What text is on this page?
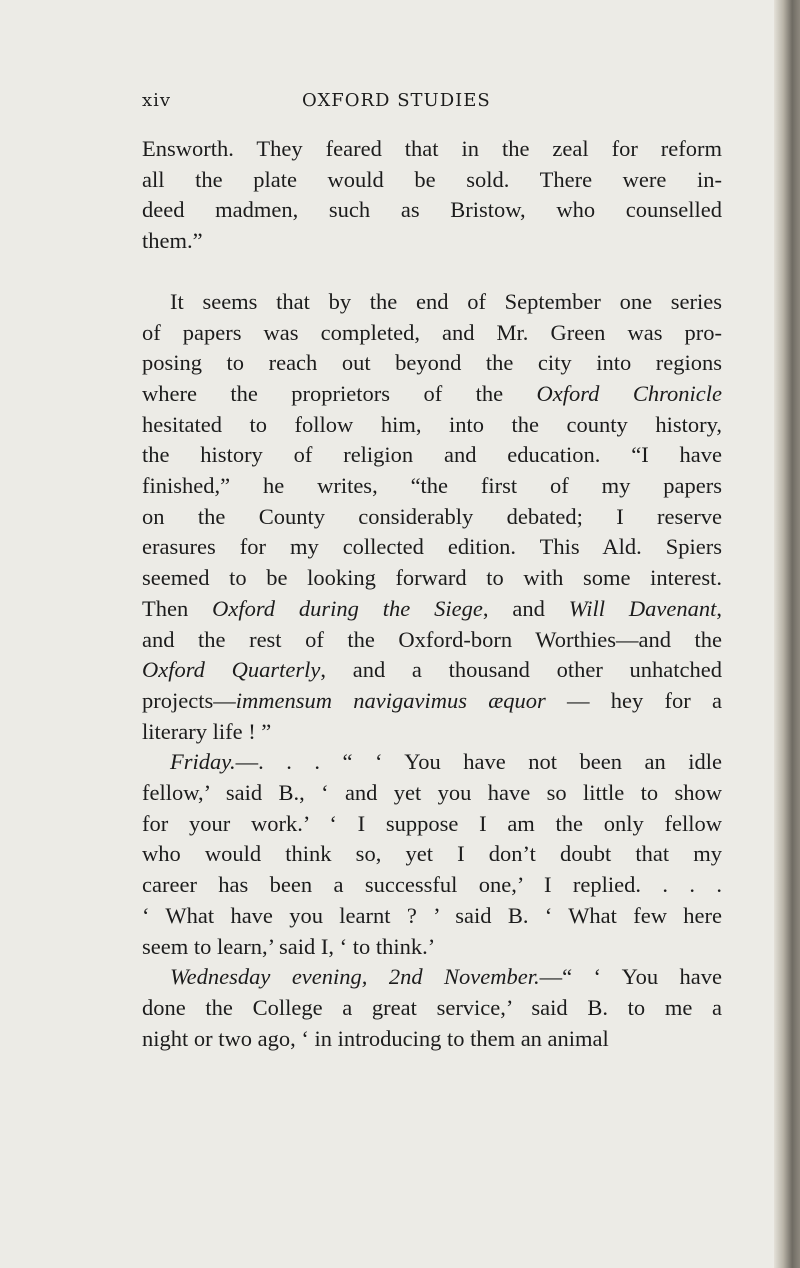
xiv	OXFORD STUDIES

Ensworth. They feared that in the zeal for reform
all the plate would be sold. There were in-
deed madmen, such as Bristow, who counselled
them.”

It seems that by the end of September one series
of papers was completed, and Mr. Green was pro-
posing to reach out beyond the city into regions
where the proprietors of the Oxford Chronicle
hesitated to follow him, into the county history,
the history of religion and education. “I have
finished,” he writes, “the first of my papers
on the County considerably debated; I reserve
erasures for my collected edition. This Ald. Spiers
seemed to be looking forward to with some interest.
Then Oxford during the Siege, and Will Davenant,
and the rest of the Oxford-born Worthies—and the
Oxford Quarterly, and a thousand other unhatched
projects—immensum navigavimus æquor — hey for a
literary life ! ”

Friday.—. . . “ ‘ You have not been an idle
fellow,’ said B., ‘ and yet you have so little to show
for your work.’ ‘ I suppose I am the only fellow
who would think so, yet I don’t doubt that my
career has been a successful one,’ I replied. . . .
‘ What have you learnt ? ’ said B. ‘ What few here
seem to learn,’ said I, ‘ to think.’

Wednesday evening, 2nd November.—“ ‘ You have
done the College a great service,’ said B. to me a
night or two ago, ‘ in introducing to them an animal
